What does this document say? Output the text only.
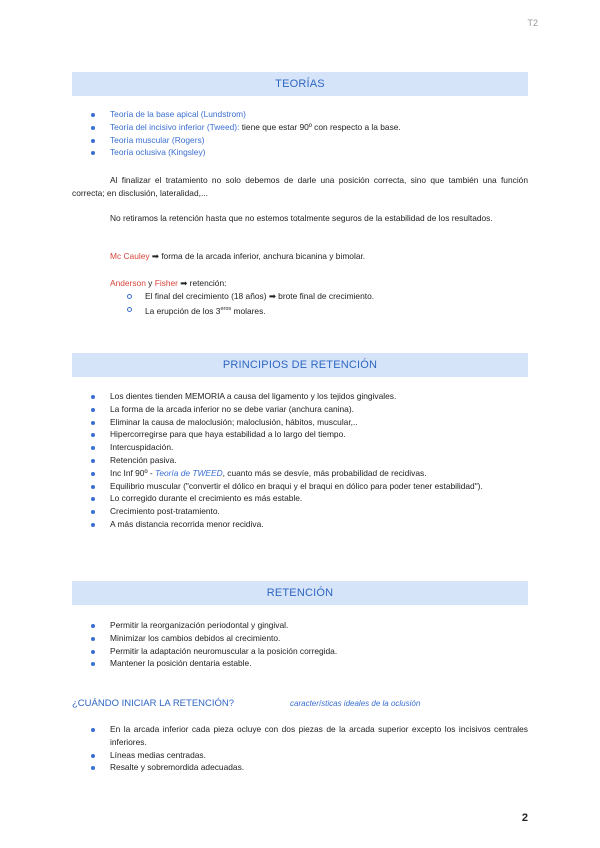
T2
TEORÍAS
Teoría de la base apical (Lundstrom)
Teoría del incisivo inferior (Tweed): tiene que estar 90º con respecto a la base.
Teoría muscular (Rogers)
Teoría oclusiva (Kingsley)
Al finalizar el tratamiento no solo debemos de darle una posición correcta, sino que también una función correcta; en disclusión, lateralidad,...
No retiramos la retención hasta que no estemos totalmente seguros de la estabilidad de los resultados.
Mc Cauley ➡ forma de la arcada inferior, anchura bicanina y bimolar.
Anderson y Fisher ➡ retención:
El final del crecimiento (18 años) ➡ brote final de crecimiento.
La erupción de los $3^{eros}$ molares.
PRINCIPIOS DE RETENCIÓN
Los dientes tienden MEMORIA a causa del ligamento y los tejidos gingivales.
La forma de la arcada inferior no se debe variar (anchura canina).
Eliminar la causa de maloclusión; maloclusión, hábitos, muscular,..
Hipercorregirse para que haya estabilidad a lo largo del tiempo.
Intercuspidación.
Retención pasiva.
Inc Inf 90º - Teoría de TWEED, cuanto más se desvíe, más probabilidad de recidivas.
Equilibrio muscular ("convertir el dólico en braqui y el braqui en dólico para poder tener estabilidad").
Lo corregido durante el crecimiento es más estable.
Crecimiento post-tratamiento.
A más distancia recorrida menor recidiva.
RETENCIÓN
Permitir la reorganización periodontal y gingival.
Minimizar los cambios debidos al crecimiento.
Permitir la adaptación neuromuscular a la posición corregida.
Mantener la posición dentaria estable.
¿CUÁNDO INICIAR LA RETENCIÓN?	características ideales de la oclusión
En la arcada inferior cada pieza ocluye con dos piezas de la arcada superior excepto los incisivos centrales inferiores.
Líneas medias centradas.
Resalte y sobremordida adecuadas.
2
